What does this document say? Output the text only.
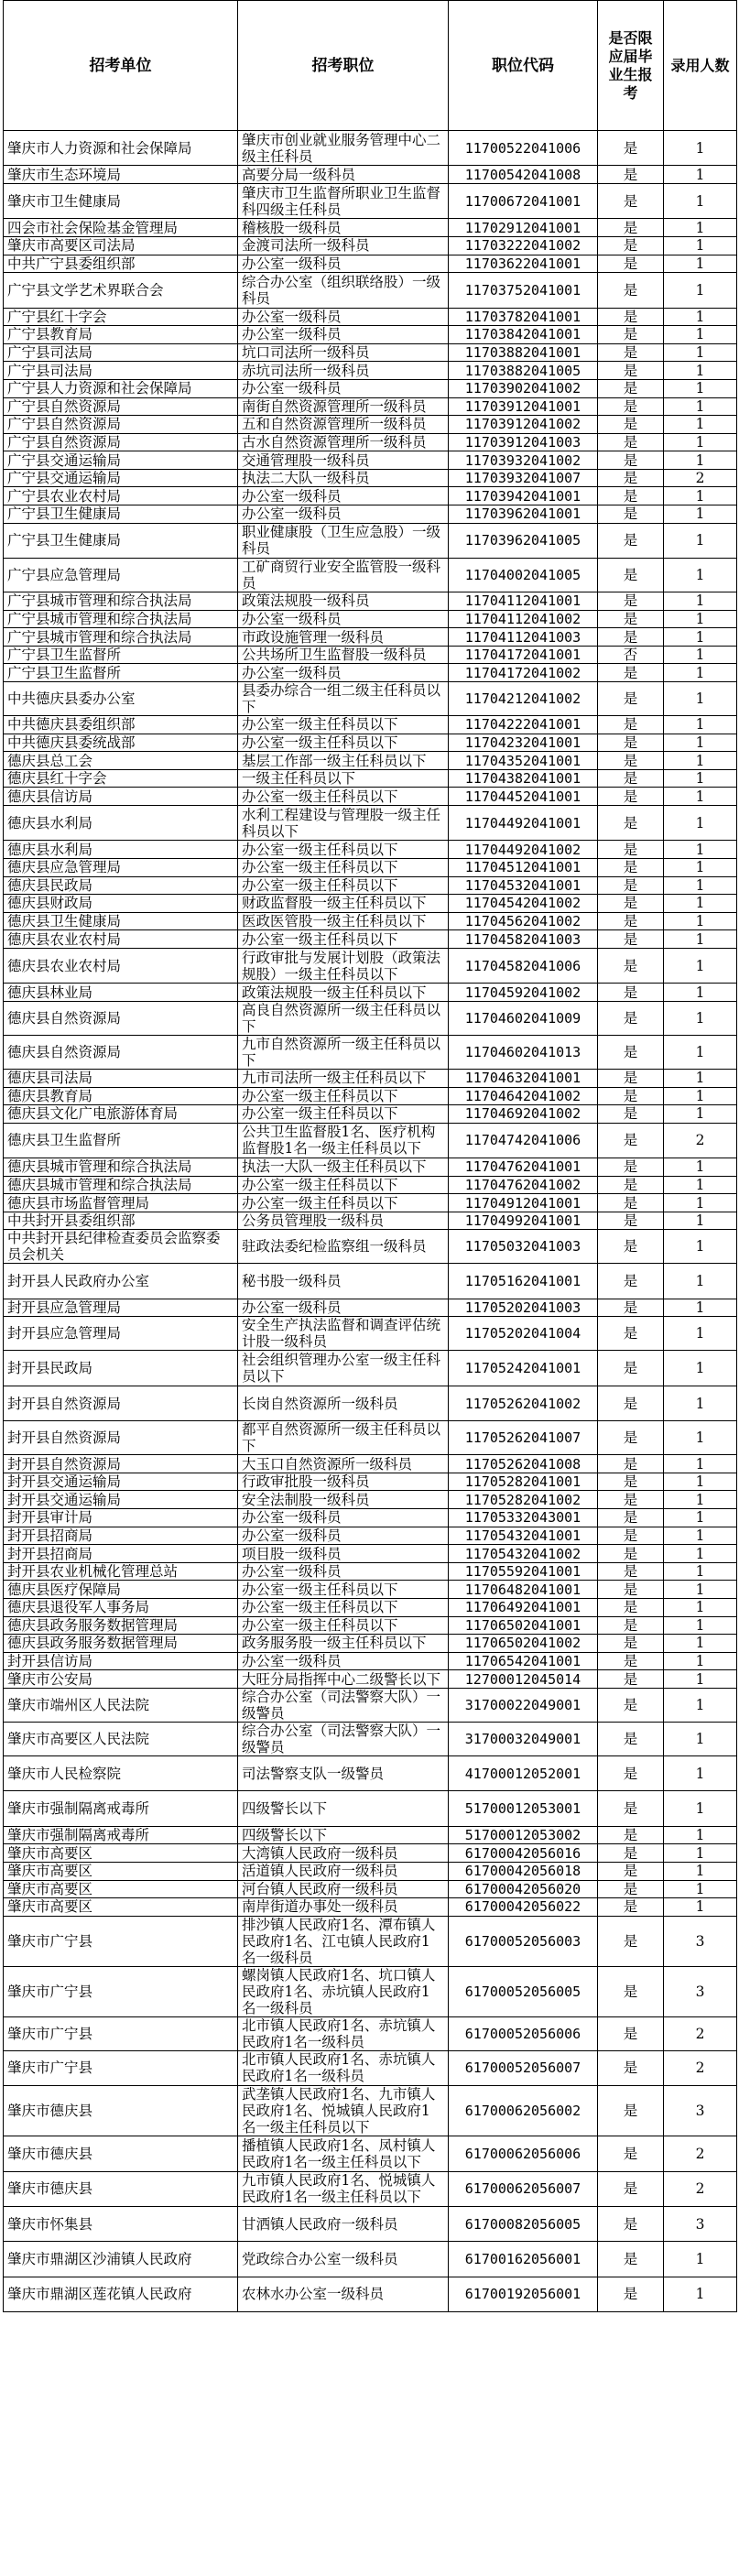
招考单位	招考职位	职位代码	是否限应届毕业生报考	录用人数
肇庆市人力资源和社会保障局	肇庆市创业就业服务管理中心二级主任科员	11700522041006	是	1
肇庆市生态环境局	高要分局一级科员	11700542041008	是	1
肇庆市卫生健康局	肇庆市卫生监督所职业卫生监督科四级主任科员	11700672041001	是	1
四会市社会保险基金管理局	稽核股一级科员	11702912041001	是	1
肇庆市高要区司法局	金渡司法所一级科员	11703222041002	是	1
中共广宁县委组织部	办公室一级科员	11703622041001	是	1
广宁县文学艺术界联合会	综合办公室（组织联络股）一级科员	11703752041001	是	1
广宁县红十字会	办公室一级科员	11703782041001	是	1
广宁县教育局	办公室一级科员	11703842041001	是	1
广宁县司法局	坑口司法所一级科员	11703882041001	是	1
广宁县司法局	赤坑司法所一级科员	11703882041005	是	1
广宁县人力资源和社会保障局	办公室一级科员	11703902041002	是	1
广宁县自然资源局	南街自然资源管理所一级科员	11703912041001	是	1
广宁县自然资源局	五和自然资源管理所一级科员	11703912041002	是	1
广宁县自然资源局	古水自然资源管理所一级科员	11703912041003	是	1
广宁县交通运输局	交通管理股一级科员	11703932041002	是	1
广宁县交通运输局	执法二大队一级科员	11703932041007	是	2
广宁县农业农村局	办公室一级科员	11703942041001	是	1
广宁县卫生健康局	办公室一级科员	11703962041001	是	1
广宁县卫生健康局	职业健康股（卫生应急股）一级科员	11703962041005	是	1
广宁县应急管理局	工矿商贸行业安全监管股一级科员	11704002041005	是	1
广宁县城市管理和综合执法局	政策法规股一级科员	11704112041001	是	1
广宁县城市管理和综合执法局	办公室一级科员	11704112041002	是	1
广宁县城市管理和综合执法局	市政设施管理一级科员	11704112041003	是	1
广宁县卫生监督所	公共场所卫生监督股一级科员	11704172041001	否	1
广宁县卫生监督所	办公室一级科员	11704172041002	是	1
中共德庆县委办公室	县委办综合一组二级主任科员以下	11704212041002	是	1
中共德庆县委组织部	办公室一级主任科员以下	11704222041001	是	1
中共德庆县委统战部	办公室一级主任科员以下	11704232041001	是	1
德庆县总工会	基层工作部一级主任科员以下	11704352041001	是	1
德庆县红十字会	一级主任科员以下	11704382041001	是	1
德庆县信访局	办公室一级主任科员以下	11704452041001	是	1
德庆县水利局	水利工程建设与管理股一级主任科员以下	11704492041001	是	1
德庆县水利局	办公室一级主任科员以下	11704492041002	是	1
德庆县应急管理局	办公室一级主任科员以下	11704512041001	是	1
德庆县民政局	办公室一级主任科员以下	11704532041001	是	1
德庆县财政局	财政监督股一级主任科员以下	11704542041002	是	1
德庆县卫生健康局	医政医管股一级主任科员以下	11704562041002	是	1
德庆县农业农村局	办公室一级主任科员以下	11704582041003	是	1
德庆县农业农村局	行政审批与发展计划股（政策法规股）一级主任科员以下	11704582041006	是	1
德庆县林业局	政策法规股一级主任科员以下	11704592041002	是	1
德庆县自然资源局	高良自然资源所一级主任科员以下	11704602041009	是	1
德庆县自然资源局	九市自然资源所一级主任科员以下	11704602041013	是	1
德庆县司法局	九市司法所一级主任科员以下	11704632041001	是	1
德庆县教育局	办公室一级主任科员以下	11704642041002	是	1
德庆县文化广电旅游体育局	办公室一级主任科员以下	11704692041002	是	1
德庆县卫生监督所	公共卫生监督股1名、医疗机构监督股1名一级主任科员以下	11704742041006	是	2
德庆县城市管理和综合执法局	执法一大队一级主任科员以下	11704762041001	是	1
德庆县城市管理和综合执法局	办公室一级主任科员以下	11704762041002	是	1
德庆县市场监督管理局	办公室一级主任科员以下	11704912041001	是	1
中共封开县委组织部	公务员管理股一级科员	11704992041001	是	1
中共封开县纪律检查委员会监察委员会机关	驻政法委纪检监察组一级科员	11705032041003	是	1
封开县人民政府办公室	秘书股一级科员	11705162041001	是	1
封开县应急管理局	办公室一级科员	11705202041003	是	1
封开县应急管理局	安全生产执法监督和调查评估统计股一级科员	11705202041004	是	1
封开县民政局	社会组织管理办公室一级主任科员以下	11705242041001	是	1
封开县自然资源局	长岗自然资源所一级科员	11705262041002	是	1
封开县自然资源局	都平自然资源所一级主任科员以下	11705262041007	是	1
封开县自然资源局	大玉口自然资源所一级科员	11705262041008	是	1
封开县交通运输局	行政审批股一级科员	11705282041001	是	1
封开县交通运输局	安全法制股一级科员	11705282041002	是	1
封开县审计局	办公室一级科员	11705332043001	是	1
封开县招商局	办公室一级科员	11705432041001	是	1
封开县招商局	项目股一级科员	11705432041002	是	1
封开县农业机械化管理总站	办公室一级科员	11705592041001	是	1
德庆县医疗保障局	办公室一级主任科员以下	11706482041001	是	1
德庆县退役军人事务局	办公室一级主任科员以下	11706492041001	是	1
德庆县政务服务数据管理局	办公室一级主任科员以下	11706502041001	是	1
德庆县政务服务数据管理局	政务服务股一级主任科员以下	11706502041002	是	1
封开县信访局	办公室一级科员	11706542041001	是	1
肇庆市公安局	大旺分局指挥中心二级警长以下	12700012045014	是	1
肇庆市端州区人民法院	综合办公室（司法警察大队）一级警员	31700022049001	是	1
肇庆市高要区人民法院	综合办公室（司法警察大队）一级警员	31700032049001	是	1
肇庆市人民检察院	司法警察支队一级警员	41700012052001	是	1
肇庆市强制隔离戒毒所	四级警长以下	51700012053001	是	1
肇庆市强制隔离戒毒所	四级警长以下	51700012053002	是	1
肇庆市高要区	大湾镇人民政府一级科员	61700042056016	是	1
肇庆市高要区	活道镇人民政府一级科员	61700042056018	是	1
肇庆市高要区	河台镇人民政府一级科员	61700042056020	是	1
肇庆市高要区	南岸街道办事处一级科员	61700042056022	是	1
肇庆市广宁县	排沙镇人民政府1名、潭布镇人民政府1名、江屯镇人民政府1名一级科员	61700052056003	是	3
肇庆市广宁县	螺岗镇人民政府1名、坑口镇人民政府1名、赤坑镇人民政府1名一级科员	61700052056005	是	3
肇庆市广宁县	北市镇人民政府1名、赤坑镇人民政府1名一级科员	61700052056006	是	2
肇庆市广宁县	北市镇人民政府1名、赤坑镇人民政府1名一级科员	61700052056007	是	2
肇庆市德庆县	武垄镇人民政府1名、九市镇人民政府1名、悦城镇人民政府1名一级主任科员以下	61700062056002	是	3
肇庆市德庆县	播植镇人民政府1名、凤村镇人民政府1名一级主任科员以下	61700062056006	是	2
肇庆市德庆县	九市镇人民政府1名、悦城镇人民政府1名一级主任科员以下	61700062056007	是	2
肇庆市怀集县	甘洒镇人民政府一级科员	61700082056005	是	3
肇庆市鼎湖区沙浦镇人民政府	党政综合办公室一级科员	61700162056001	是	1
肇庆市鼎湖区莲花镇人民政府	农林水办公室一级科员	61700192056001	是	1
